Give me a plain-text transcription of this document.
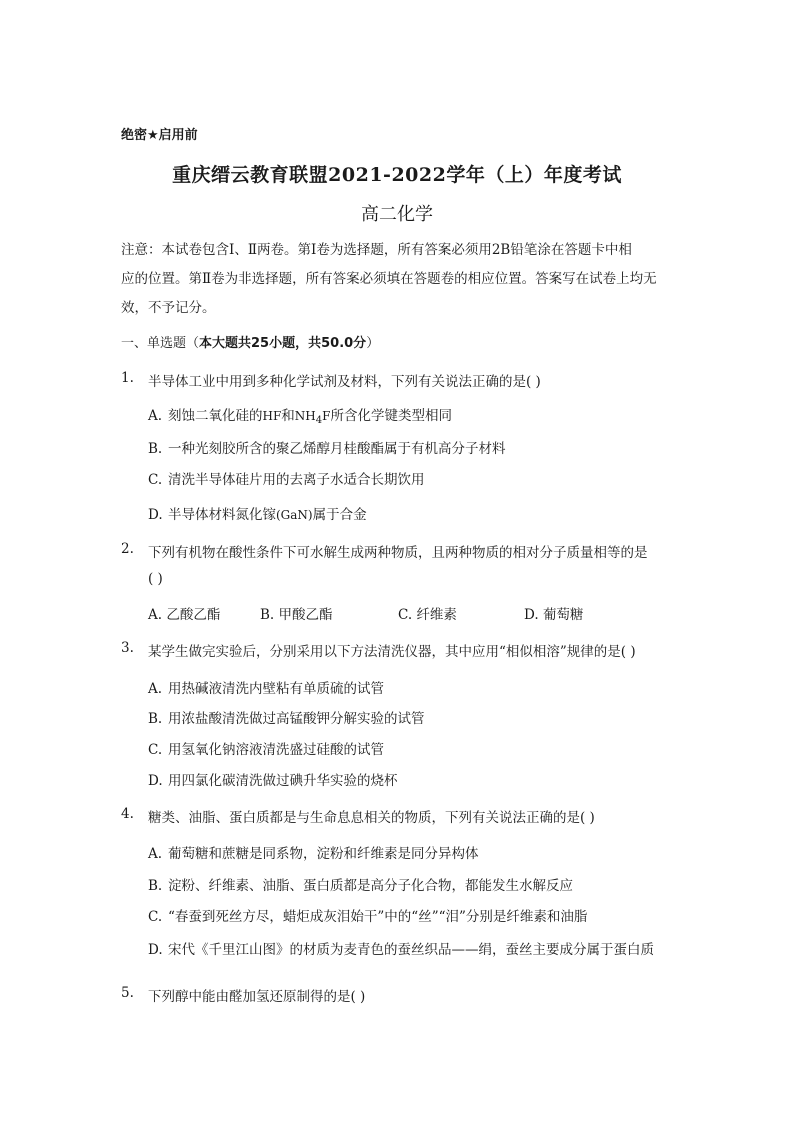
绝密★启用前
重庆缙云教育联盟2021-2022学年（上）年度考试
高二化学
注意：本试卷包含Ⅰ、Ⅱ两卷。第Ⅰ卷为选择题，所有答案必须用2B铅笔涂在答题卡中相
应的位置。第Ⅱ卷为非选择题，所有答案必须填在答题卷的相应位置。答案写在试卷上均无
效，不予记分。
一、单选题（本大题共25小题，共50.0分）
1.	半导体工业中用到多种化学试剂及材料，下列有关说法正确的是( )
A. 刻蚀二氧化硅的HF和$NH_4F$所含化学键类型相同
B. 一种光刻胶所含的聚乙烯醇月桂酸酯属于有机高分子材料
C. 清洗半导体硅片用的去离子水适合长期饮用
D. 半导体材料氮化镓(GaN)属于合金
2.	下列有机物在酸性条件下可水解生成两种物质，且两种物质的相对分子质量相等的是
( )
A. 乙酸乙酯	B. 甲酸乙酯	C. 纤维素	D. 葡萄糖
3.	某学生做完实验后，分别采用以下方法清洗仪器，其中应用“相似相溶”规律的是( )
A. 用热碱液清洗内壁粘有单质硫的试管
B. 用浓盐酸清洗做过高锰酸钾分解实验的试管
C. 用氢氧化钠溶液清洗盛过硅酸的试管
D. 用四氯化碳清洗做过碘升华实验的烧杯
4.	糖类、油脂、蛋白质都是与生命息息相关的物质，下列有关说法正确的是( )
A. 葡萄糖和蔗糖是同系物，淀粉和纤维素是同分异构体
B. 淀粉、纤维素、油脂、蛋白质都是高分子化合物，都能发生水解反应
C. “春蚕到死丝方尽，蜡炬成灰泪始干”中的“丝”“泪”分别是纤维素和油脂
D. 宋代《千里江山图》的材质为麦青色的蚕丝织品——绢，蚕丝主要成分属于蛋白质
5.	下列醇中能由醛加氢还原制得的是( )
